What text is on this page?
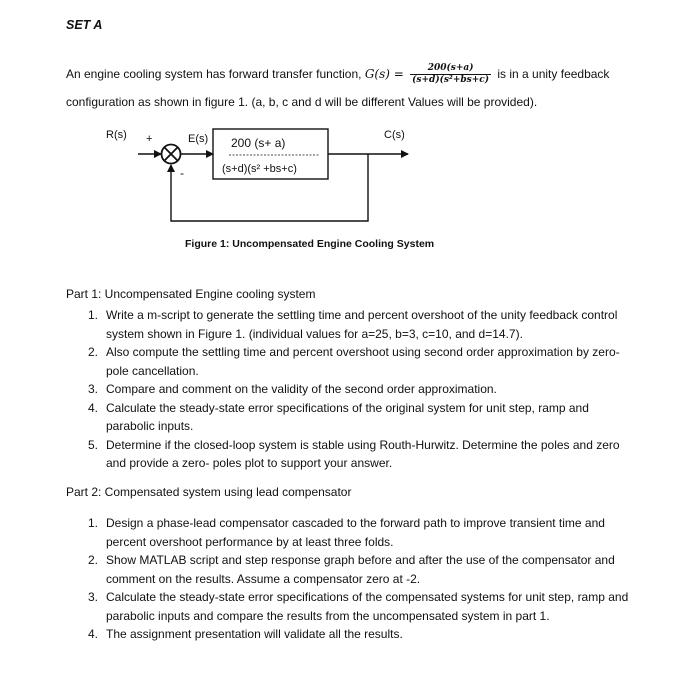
SET A
An engine cooling system has forward transfer function, $G(s) = \frac{200(s+a)}{\text{(s+d)(s²+bs+c)}}$ is in a unity feedback
configuration as shown in figure 1. (a, b, c and d will be different Values will be provided).
R(s) +	E(s) 200 (s+ a)
(s+d)(s² +bs+c)
C(s)
-
Figure 1: Uncompensated Engine Cooling System
Part 1: Uncompensated Engine cooling system
1. Write a m-script to generate the settling time and percent overshoot of the unity feedback control system shown in Figure 1. (individual values for a=25, b=3, c=10, and d=14.7).
2. Also compute the settling time and percent overshoot using second order approximation by zero-pole cancellation.
3. Compare and comment on the validity of the second order approximation.
4. Calculate the steady-state error specifications of the original system for unit step, ramp and parabolic inputs.
5. Determine if the closed-loop system is stable using Routh-Hurwitz. Determine the poles and zero and provide a zero- poles plot to support your answer.
Part 2: Compensated system using lead compensator
1. Design a phase-lead compensator cascaded to the forward path to improve transient time and percent overshoot performance by at least three folds.
2. Show MATLAB script and step response graph before and after the use of the compensator and comment on the results. Assume a compensator zero at -2.
3. Calculate the steady-state error specifications of the compensated systems for unit step, ramp and parabolic inputs and compare the results from the uncompensated system in part 1.
4. The assignment presentation will validate all the results.
